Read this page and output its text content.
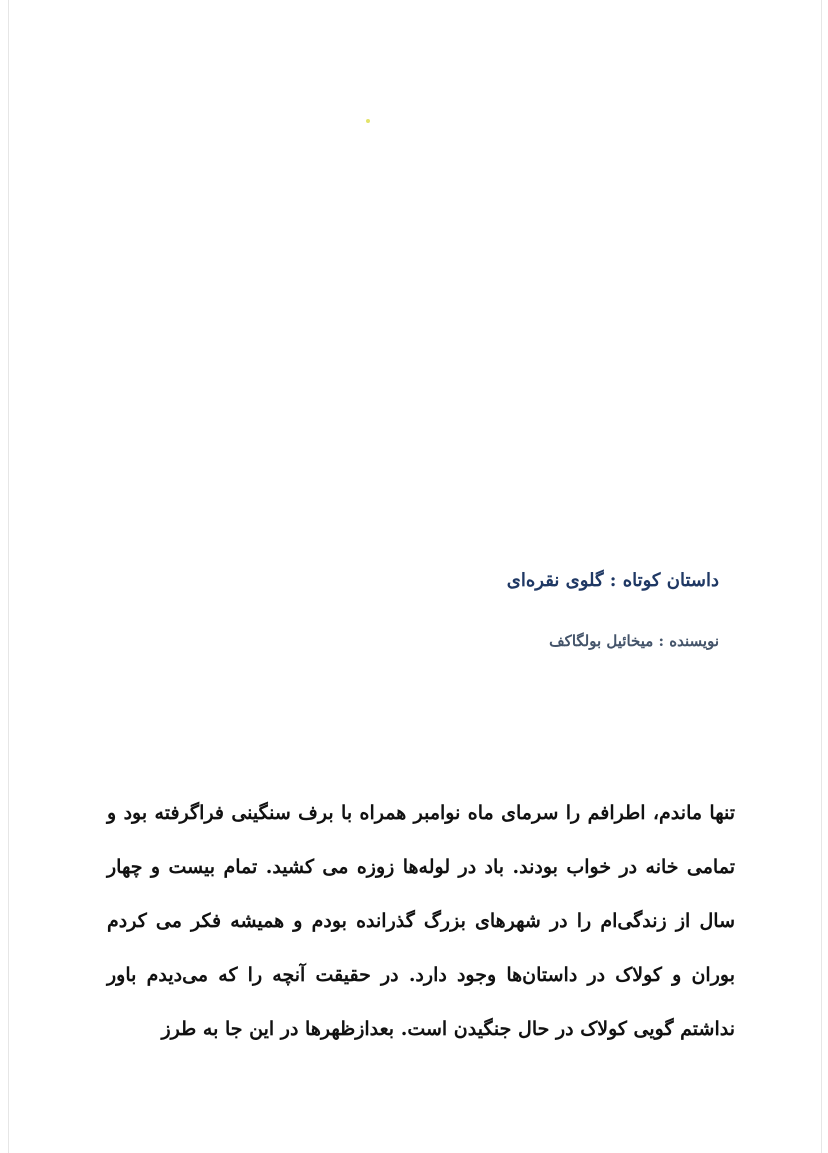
داستان کوتاه : گلوی نقره‌ای
نویسنده : میخائیل بولگاکف
تنها ماندم، اطرافم را سرمای ماه نوامبر همراه با برف سنگینی فراگرفته بود و
تمامی خانه در خواب بودند. باد در لوله‌ها زوزه می کشید. تمام بیست و چهار
سال از زندگی‌ام را در شهرهای بزرگ گذرانده بودم و همیشه فکر می کردم
بوران و کولاک در داستان‌ها وجود دارد. در حقیقت آنچه را که می‌دیدم باور
نداشتم گویی کولاک در حال جنگیدن است. بعدازظهرها در این جا به طرز
